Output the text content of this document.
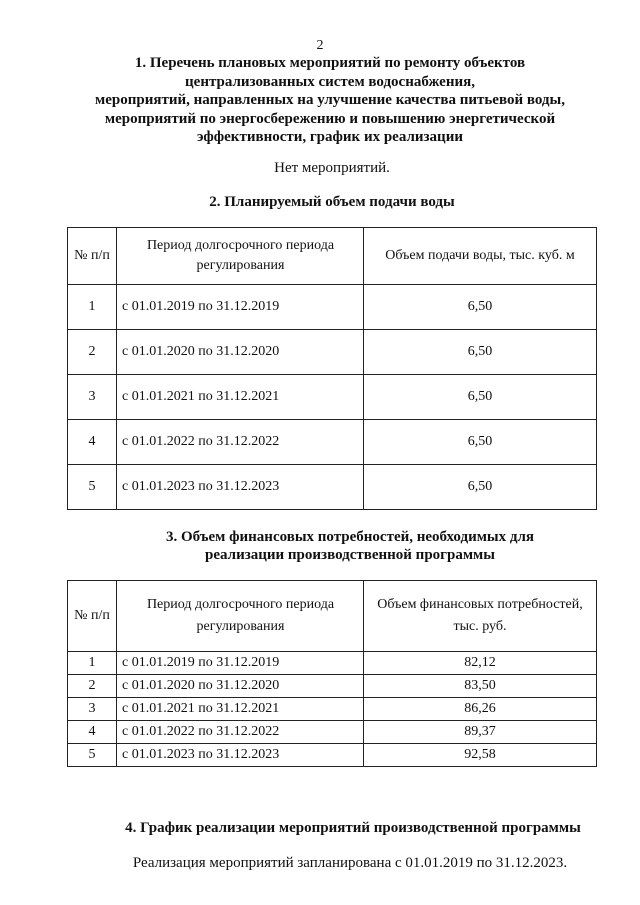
2
1. Перечень плановых мероприятий по ремонту объектов
централизованных систем водоснабжения,
мероприятий, направленных на улучшение качества питьевой воды,
мероприятий по энергосбережению и повышению энергетической
эффективности, график их реализации
Нет мероприятий.
2. Планируемый объем подачи воды
№ п/п	Период долгосрочного периода регулирования	Объем подачи воды, тыс. куб. м
1	с 01.01.2019 по 31.12.2019	6,50
2	с 01.01.2020 по 31.12.2020	6,50
3	с 01.01.2021 по 31.12.2021	6,50
4	с 01.01.2022 по 31.12.2022	6,50
5	с 01.01.2023 по 31.12.2023	6,50
3. Объем финансовых потребностей, необходимых для
реализации производственной программы
№ п/п	Период долгосрочного периода регулирования	Объем финансовых потребностей, тыс. руб.
1	с 01.01.2019 по 31.12.2019	82,12
2	с 01.01.2020 по 31.12.2020	83,50
3	с 01.01.2021 по 31.12.2021	86,26
4	с 01.01.2022 по 31.12.2022	89,37
5	с 01.01.2023 по 31.12.2023	92,58
4. График реализации мероприятий производственной программы
Реализация мероприятий запланирована с 01.01.2019 по 31.12.2023.
